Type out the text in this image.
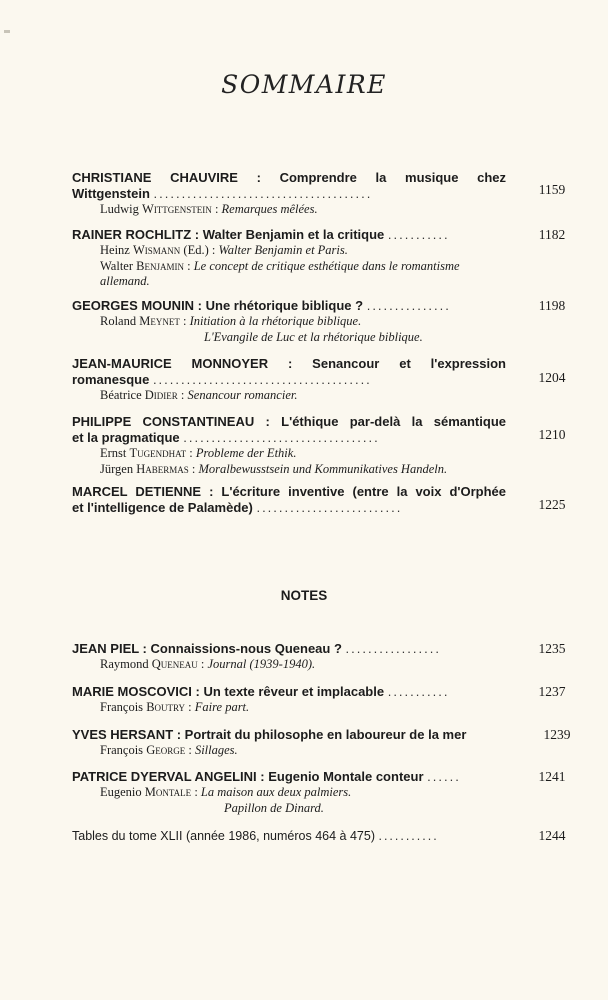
SOMMAIRE
CHRISTIANE CHAUVIRE : Comprendre la musique chez
Wittgenstein .......................................
Ludwig Wittgenstein : Remarques mêlées.
1159
RAINER ROCHLITZ : Walter Benjamin et la critique ...........
Heinz Wismann (Ed.) : Walter Benjamin et Paris.
Walter Benjamin : Le concept de critique esthétique dans le romantisme
allemand.
1182
GEORGES MOUNIN : Une rhétorique biblique ? ...............
Roland Meynet : Initiation à la rhétorique biblique.
L'Evangile de Luc et la rhétorique biblique.
1198
JEAN-MAURICE MONNOYER : Senancour et l'expression
romanesque .......................................
Béatrice Didier : Senancour romancier.
1204
PHILIPPE CONSTANTINEAU : L'éthique par-delà la sémantique
et la pragmatique ...................................
Ernst Tugendhat : Probleme der Ethik.
Jürgen Habermas : Moralbewusstsein und Kommunikatives Handeln.
1210
MARCEL DETIENNE : L'écriture inventive (entre la voix d'Orphée
et l'intelligence de Palamède) ..........................	1225
NOTES
JEAN PIEL : Connaissions-nous Queneau ? .................
Raymond Queneau : Journal (1939-1940).
1235
MARIE MOSCOVICI : Un texte rêveur et implacable ...........
François Boutry : Faire part.
1237
YVES HERSANT : Portrait du philosophe en laboureur de la mer
François George : Sillages.
1239
PATRICE DYERVAL ANGELINI : Eugenio Montale conteur ......
Eugenio Montale : La maison aux deux palmiers.
Papillon de Dinard.
1241
Tables du tome XLII (année 1986, numéros 464 à 475) ...........	1244
